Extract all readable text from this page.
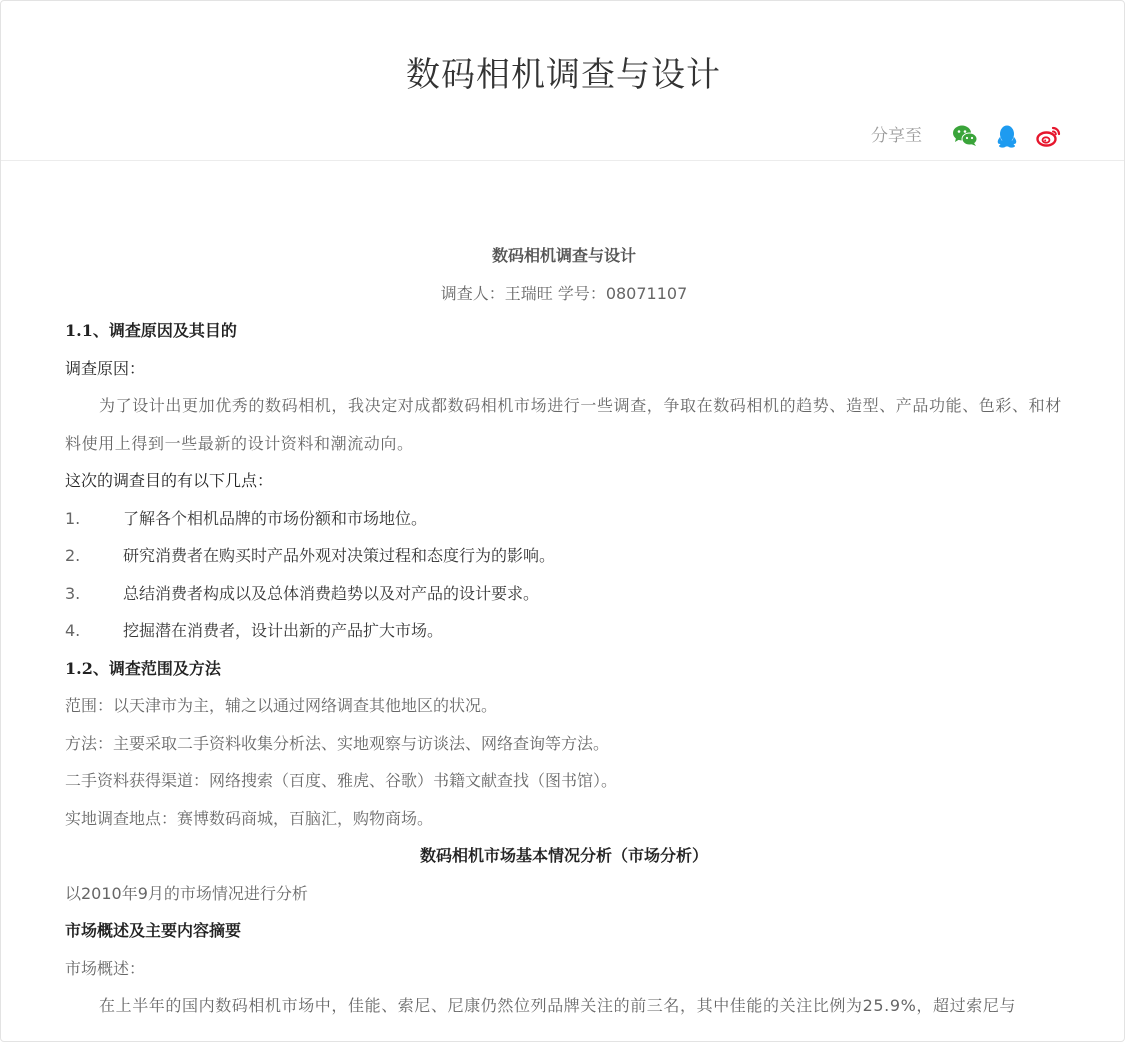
数码相机调查与设计
分享至
数码相机调查与设计
调查人：王瑞旺 学号：08071107
1.1、调查原因及其目的
调查原因：
为了设计出更加优秀的数码相机，我决定对成都数码相机市场进行一些调查，争取在数码相机的趋势、造型、产品功能、色彩、和材料使用上得到一些最新的设计资料和潮流动向。
这次的调查目的有以下几点：
1.	了解各个相机品牌的市场份额和市场地位。
2.	研究消费者在购买时产品外观对决策过程和态度行为的影响。
3.	总结消费者构成以及总体消费趋势以及对产品的设计要求。
4.	挖掘潜在消费者，设计出新的产品扩大市场。
1.2、调查范围及方法
范围：以天津市为主，辅之以通过网络调查其他地区的状况。
方法：主要采取二手资料收集分析法、实地观察与访谈法、网络查询等方法。
二手资料获得渠道：网络搜索（百度、雅虎、谷歌）书籍文献查找（图书馆）。
实地调查地点：赛博数码商城，百脑汇，购物商场。
数码相机市场基本情况分析（市场分析）
以2010年9月的市场情况进行分析
市场概述及主要内容摘要
市场概述：
在上半年的国内数码相机市场中，佳能、索尼、尼康仍然位列品牌关注的前三名，其中佳能的关注比例为25.9%，超过索尼与
